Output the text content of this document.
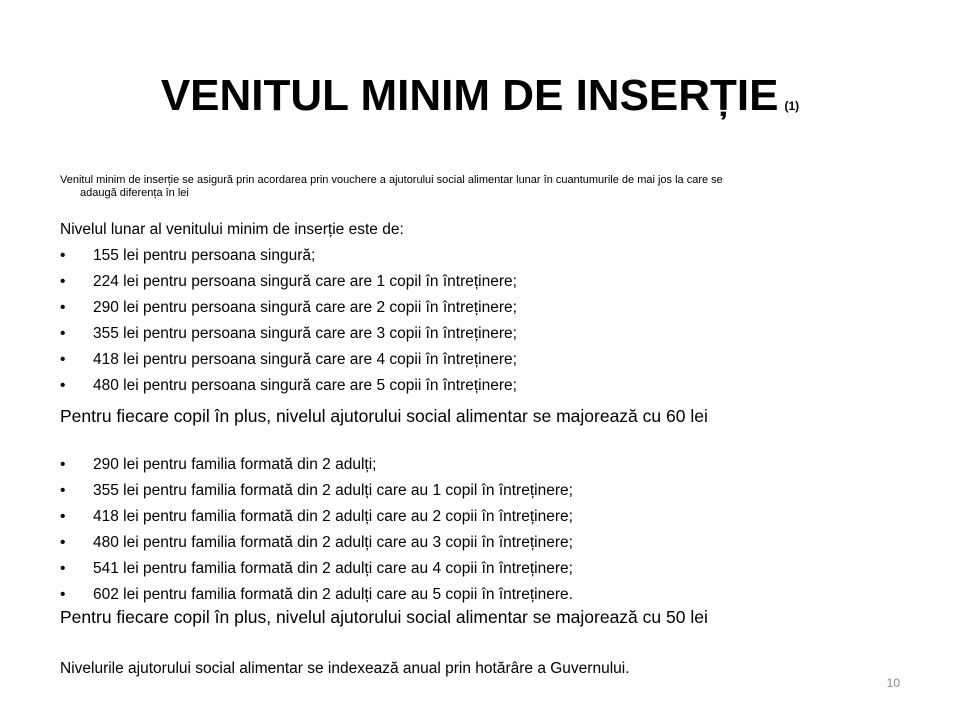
VENITUL MINIM DE INSERȚIE (1)
Venitul minim de inserție se asigură prin acordarea prin vouchere a ajutorului social alimentar lunar în cuantumurile de mai jos la care se
adaugă diferența în lei
Nivelul lunar al venitului minim de inserție este de:
•	155 lei pentru persoana singură;
•	224 lei pentru persoana singură care are 1 copil în întreținere;
•	290 lei pentru persoana singură care are 2 copii în întreținere;
•	355 lei pentru persoana singură care are 3 copii în întreținere;
•	418 lei pentru persoana singură care are 4 copii în întreținere;
•	480 lei pentru persoana singură care are 5 copii în întreținere;
Pentru fiecare copil în plus, nivelul ajutorului social alimentar se majorează cu 60 lei
•	290 lei pentru familia formată din 2 adulți;
•	355 lei pentru familia formată din 2 adulți care au 1 copil în întreținere;
•	418 lei pentru familia formată din 2 adulți care au 2 copii în întreținere;
•	480 lei pentru familia formată din 2 adulți care au 3 copii în întreținere;
•	541 lei pentru familia formată din 2 adulți care au 4 copii în întreținere;
•	602 lei pentru familia formată din 2 adulți care au 5 copii în întreținere.
Pentru fiecare copil în plus, nivelul ajutorului social alimentar se majorează cu 50 lei
Nivelurile ajutorului social alimentar se indexează anual prin hotărâre a Guvernului.
10
